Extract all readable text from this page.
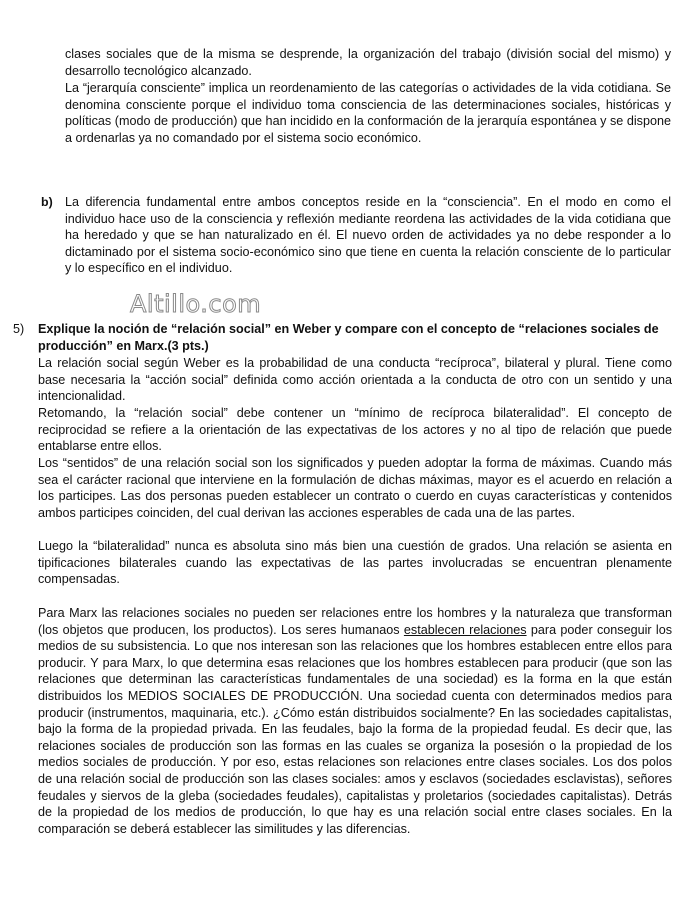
clases sociales que de la misma se desprende, la organización del trabajo (división social del mismo) y desarrollo tecnológico alcanzado.

La “jerarquía consciente” implica un reordenamiento de las categorías o actividades de la vida cotidiana. Se denomina consciente porque el individuo toma consciencia de las determinaciones sociales, históricas y políticas (modo de producción) que han incidido en la conformación de la jerarquía espontánea y se dispone a ordenarlas ya no comandado por el sistema socio económico.

b) La diferencia fundamental entre ambos conceptos reside en la “consciencia”. En el modo en como el individuo hace uso de la consciencia y reflexión mediante reordena las actividades de la vida cotidiana que ha heredado y que se han naturalizado en él. El nuevo orden de actividades ya no debe responder a lo dictaminado por el sistema socio-económico sino que tiene en cuenta la relación consciente de lo particular y lo específico en el individuo.

Altillo.com
5) Explique la noción de “relación social” en Weber y compare con el concepto de “relaciones sociales de producción” en Marx.(3 pts.)

La relación social según Weber es la probabilidad de una conducta “recíproca”, bilateral y plural. Tiene como base necesaria la “acción social” definida como acción orientada a la conducta de otro con un sentido y una intencionalidad.

Retomando, la “relación social” debe contener un “mínimo de recíproca bilateralidad”. El concepto de reciprocidad se refiere a la orientación de las expectativas de los actores y no al tipo de relación que puede entablarse entre ellos.

Los “sentidos” de una relación social son los significados y pueden adoptar la forma de máximas. Cuando más sea el carácter racional que interviene en la formulación de dichas máximas, mayor es el acuerdo en relación a los participes. Las dos personas pueden establecer un contrato o cuerdo en cuyas características y contenidos ambos participes coinciden, del cual derivan las acciones esperables de cada una de las partes.

Luego la “bilateralidad” nunca es absoluta sino más bien una cuestión de grados. Una relación se asienta en tipificaciones bilaterales cuando las expectativas de las partes involucradas se encuentran plenamente compensadas.

Para Marx las relaciones sociales no pueden ser relaciones entre los hombres y la naturaleza que transforman (los objetos que producen, los productos). Los seres humanaos establecen relaciones para poder conseguir los medios de su subsistencia. Lo que nos interesan son las relaciones que los hombres establecen entre ellos para producir. Y para Marx, lo que determina esas relaciones que los hombres establecen para producir (que son las relaciones que determinan las características fundamentales de una sociedad) es la forma en la que están distribuidos los MEDIOS SOCIALES DE PRODUCCIÓN. Una sociedad cuenta con determinados medios para producir (instrumentos, maquinaria, etc.). ¿Cómo están distribuidos socialmente? En las sociedades capitalistas, bajo la forma de la propiedad privada. En las feudales, bajo la forma de la propiedad feudal. Es decir que, las relaciones sociales de producción son las formas en las cuales se organiza la posesión o la propiedad de los medios sociales de producción. Y por eso, estas relaciones son relaciones entre clases sociales. Los dos polos de una relación social de producción son las clases sociales: amos y esclavos (sociedades esclavistas), señores feudales y siervos de la gleba (sociedades feudales), capitalistas y proletarios (sociedades capitalistas). Detrás de la propiedad de los medios de producción, lo que hay es una relación social entre clases sociales. En la comparación se deberá establecer las similitudes y las diferencias.
